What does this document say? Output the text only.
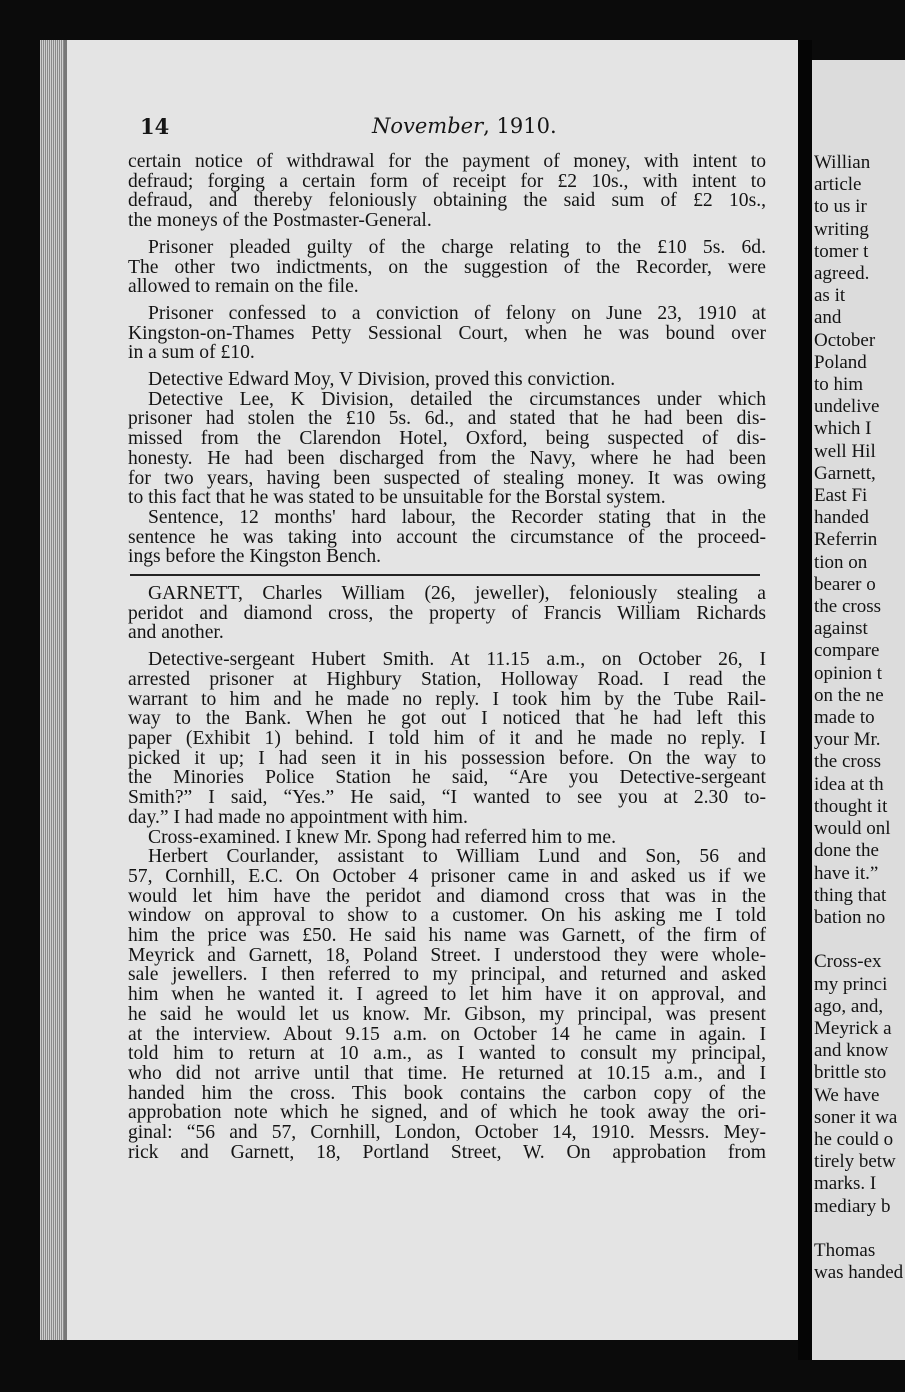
14	November, 1910.
certain notice of withdrawal for the payment of money, with intent to
defraud; forging a certain form of receipt for £2 10s., with intent to
defraud, and thereby feloniously obtaining the said sum of £2 10s.,
the moneys of the Postmaster-General.
Prisoner pleaded guilty of the charge relating to the £10 5s. 6d.
The other two indictments, on the suggestion of the Recorder, were
allowed to remain on the file.
Prisoner confessed to a conviction of felony on June 23, 1910 at
Kingston-on-Thames Petty Sessional Court, when he was bound over
in a sum of £10.
Detective Edward Moy, V Division, proved this conviction.
Detective Lee, K Division, detailed the circumstances under which
prisoner had stolen the £10 5s. 6d., and stated that he had been dis-
missed from the Clarendon Hotel, Oxford, being suspected of dis-
honesty. He had been discharged from the Navy, where he had been
for two years, having been suspected of stealing money. It was owing
to this fact that he was stated to be unsuitable for the Borstal system.
Sentence, 12 months' hard labour, the Recorder stating that in the
sentence he was taking into account the circumstance of the proceed-
ings before the Kingston Bench.
GARNETT, Charles William (26, jeweller), feloniously stealing a
peridot and diamond cross, the property of Francis William Richards
and another.
Detective-sergeant Hubert Smith. At 11.15 a.m., on October 26, I
arrested prisoner at Highbury Station, Holloway Road. I read the
warrant to him and he made no reply. I took him by the Tube Rail-
way to the Bank. When he got out I noticed that he had left this
paper (Exhibit 1) behind. I told him of it and he made no reply. I
picked it up; I had seen it in his possession before. On the way to
the Minories Police Station he said, “Are you Detective-sergeant
Smith?” I said, “Yes.” He said, “I wanted to see you at 2.30 to-
day.” I had made no appointment with him.
Cross-examined. I knew Mr. Spong had referred him to me.
Herbert Courlander, assistant to William Lund and Son, 56 and
57, Cornhill, E.C. On October 4 prisoner came in and asked us if we
would let him have the peridot and diamond cross that was in the
window on approval to show to a customer. On his asking me I told
him the price was £50. He said his name was Garnett, of the firm of
Meyrick and Garnett, 18, Poland Street. I understood they were whole-
sale jewellers. I then referred to my principal, and returned and asked
him when he wanted it. I agreed to let him have it on approval, and
he said he would let us know. Mr. Gibson, my principal, was present
at the interview. About 9.15 a.m. on October 14 he came in again. I
told him to return at 10 a.m., as I wanted to consult my principal,
who did not arrive until that time. He returned at 10.15 a.m., and I
handed him the cross. This book contains the carbon copy of the
approbation note which he signed, and of which he took away the ori-
ginal: “56 and 57, Cornhill, London, October 14, 1910. Messrs. Mey-
rick and Garnett, 18, Portland Street, W. On approbation from
Willian
article
to us ir
writing
tomer t
agreed.
as it
and
October
Poland
to him
undelive
which I
well Hil
Garnett,
East Fi
handed
Referrin
tion on
bearer o
the cross
against
compare
opinion t
on the ne
made to
your Mr.
the cross
idea at th
thought it
would onl
done the
have it.”
thing that
bation no

Cross-ex
my princi
ago, and,
Meyrick a
and know
brittle sto
We have
soner it wa
he could o
tirely betw
marks. I
mediary b

Thomas
was handed
